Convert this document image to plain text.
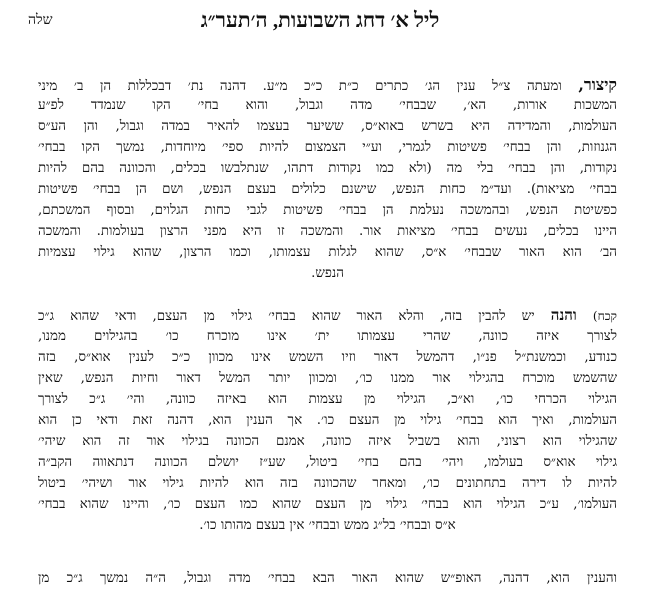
ליל א׳ דחג השבועות, ה׳תער״ג
שלה
קיצור, ומעתה צ״ל ענין הג׳ כתרים כ״ת כ״כ מ״ע. דהנה נת׳ דבכללות הן ב׳ מיני
המשכות אורות, הא׳, שבבחי׳ מדה וגבול, והוא בחי׳ הקו שנמדד לפ״ע
העולמות, והמדידה היא בשרש באוא״ס, ששיער בעצמו להאיר במדה וגבול, והן הע״ס
הגנוזות, והן בבחי׳ פשיטות לגמרי, וע״י הצמצום להיות ספי׳ מיוחדות, נמשך הקו בבחי׳
נקודות, והן בבחי׳ בלי מה (ולא כמו נקודות דתהו, שנתלבשו בכלים, והכוונה בהם להיות
בבחי׳ מציאות). ועד״מ כחות הנפש, שישנם כלולים בעצם הנפש, ושם הן בבחי׳ פשיטות
כפשיטת הנפש, ובהמשכה נעלמת הן בבחי׳ פשיטות לגבי כחות הגלוים, ובסוף המשכתם,
היינו בכלים, נעשים בבחי׳ מציאות אור. והמשכה זו היא מפני הרצון בעולמות. והמשכה
הב׳ הוא האור שבבחי׳ א״ס, שהוא לגלות עצמותו, וכמו הרצון, שהוא גילוי עצמיות
הנפש.
קכח) והנה יש להבין בזה, והלא האור שהוא בבחי׳ גילוי מן העצם, ודאי שהוא ג״כ
לצורך איזה כוונה, שהרי עצמותו ית׳ אינו מוכרח כו׳ בהגילוים ממנו,
כנודע, וכמשנת״ל פנ״ו, דהמשל דאור וזיו השמש אינו מכוון כ״כ לענין אוא״ס, בזה
שהשמש מוכרח בהגילוי אור ממנו כו׳, ומכוון יותר המשל דאור וחיות הנפש, שאין
הגילוי הכרחי כו׳, וא״כ, הגילוי מן עצמות הוא באיזה כוונה, והי׳ ג״כ לצורך
העולמות, ואיך הוא בבחי׳ גילוי מן העצם כו׳. אך הענין הוא, דהנה זאת ודאי כן הוא
שהגילוי הוא רצוני, והוא בשביל איזה כוונה, אמנם הכוונה בגילוי אור זה הוא שיהי׳
גילוי אוא״ס בעולמו, ויהי׳ בהם בחי׳ ביטול, שע״ז יושלם הכוונה דנתאווה הקב״ה
להיות לו דירה בתחתונים כו׳, ומאחר שהכוונה בזה הוא להיות גילוי אור ושיהי׳ ביטול
העולמו׳, ע״כ הגילוי הוא בבחי׳ גילוי מן העצם שהוא כמו העצם כו׳, והיינו שהוא בבחי׳
א״ס ובבחי׳ בל״ג ממש ובבחי׳ אין בעצם מהותו כו׳.
והענין הוא, דהנה, האופ״ש שהוא האור הבא בבחי׳ מדה וגבול, ה״ה נמשך ג״כ מן
